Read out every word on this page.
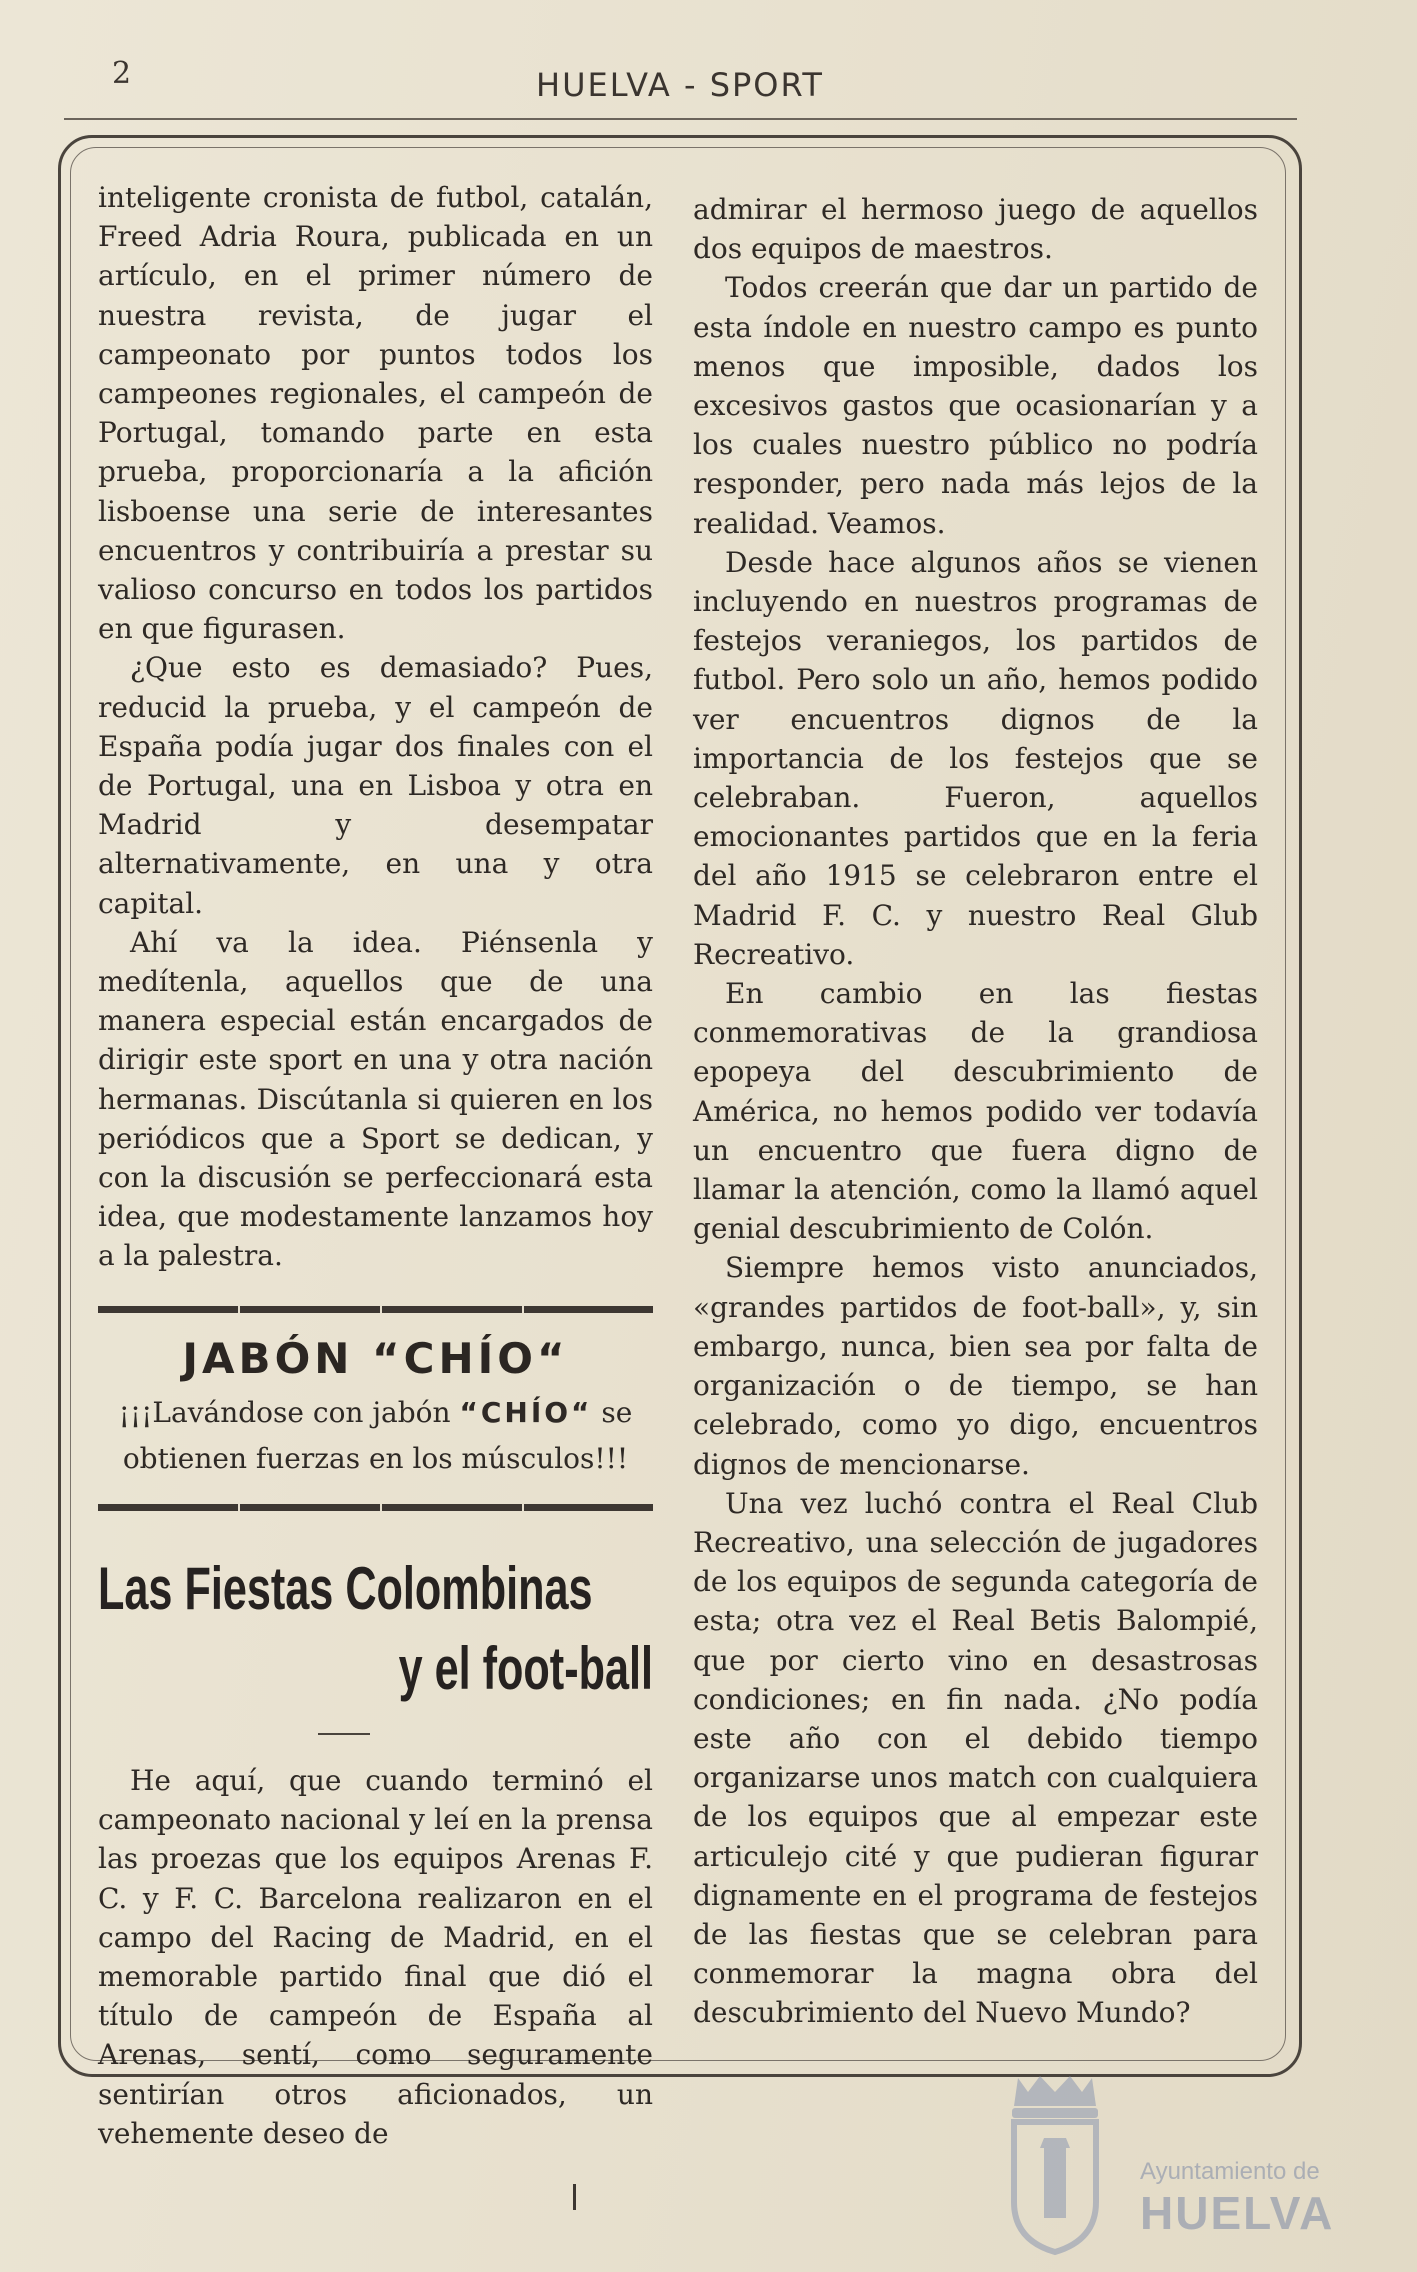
2	HUELVA - SPORT

inteligente cronista de futbol, catalán, Freed Adria Roura, publicada en un artículo, en el primer número de nuestra revista, de jugar el campeonato por puntos todos los campeones regionales, el campeón de Portugal, tomando parte en esta prueba, proporcionaría a la afición lisboense una serie de interesantes encuentros y contribuiría a prestar su valioso concurso en todos los partidos en que figurasen.

¿Que esto es demasiado? Pues, reducid la prueba, y el campeón de España podía jugar dos finales con el de Portugal, una en Lisboa y otra en Madrid y desempatar alternativamente, en una y otra capital.

Ahí va la idea. Piénsenla y medítenla, aquellos que de una manera especial están encargados de dirigir este sport en una y otra nación hermanas. Discútanla si quieren en los periódicos que a Sport se dedican, y con la discusión se perfeccionará esta idea, que modestamente lanzamos hoy a la palestra.

JABÓN “CHÍO“
¡¡¡Lavándose con jabón “CHÍO“ se obtienen fuerzas en los músculos!!!
Las Fiestas Colombinas
y el foot-ball

He aquí, que cuando terminó el campeonato nacional y leí en la prensa las proezas que los equipos Arenas F. C. y F. C. Barcelona realizaron en el campo del Racing de Madrid, en el memorable partido final que dió el título de campeón de España al Arenas, sentí, como seguramente sentirían otros aficionados, un vehemente deseo de

admirar el hermoso juego de aquellos dos equipos de maestros.

Todos creerán que dar un partido de esta índole en nuestro campo es punto menos que imposible, dados los excesivos gastos que ocasionarían y a los cuales nuestro público no podría responder, pero nada más lejos de la realidad. Veamos.

Desde hace algunos años se vienen incluyendo en nuestros programas de festejos veraniegos, los partidos de futbol. Pero solo un año, hemos podido ver encuentros dignos de la importancia de los festejos que se celebraban. Fueron, aquellos emocionantes partidos que en la feria del año 1915 se celebraron entre el Madrid F. C. y nuestro Real Glub Recreativo.

En cambio en las fiestas conmemorativas de la grandiosa epopeya del descubrimiento de América, no hemos podido ver todavía un encuentro que fuera digno de llamar la atención, como la llamó aquel genial descubrimiento de Colón.

Siempre hemos visto anunciados, «grandes partidos de foot-ball», y, sin embargo, nunca, bien sea por falta de organización o de tiempo, se han celebrado, como yo digo, encuentros dignos de mencionarse.

Una vez luchó contra el Real Club Recreativo, una selección de jugadores de los equipos de segunda categoría de esta; otra vez el Real Betis Balompié, que por cierto vino en desastrosas condiciones; en fin nada. ¿No podía este año con el debido tiempo organizarse unos match con cualquiera de los equipos que al empezar este articulejo cité y que pudieran figurar dignamente en el programa de festejos de las fiestas que se celebran para conmemorar la magna obra del descubrimiento del Nuevo Mundo?

Ayuntamiento de
HUELVA
